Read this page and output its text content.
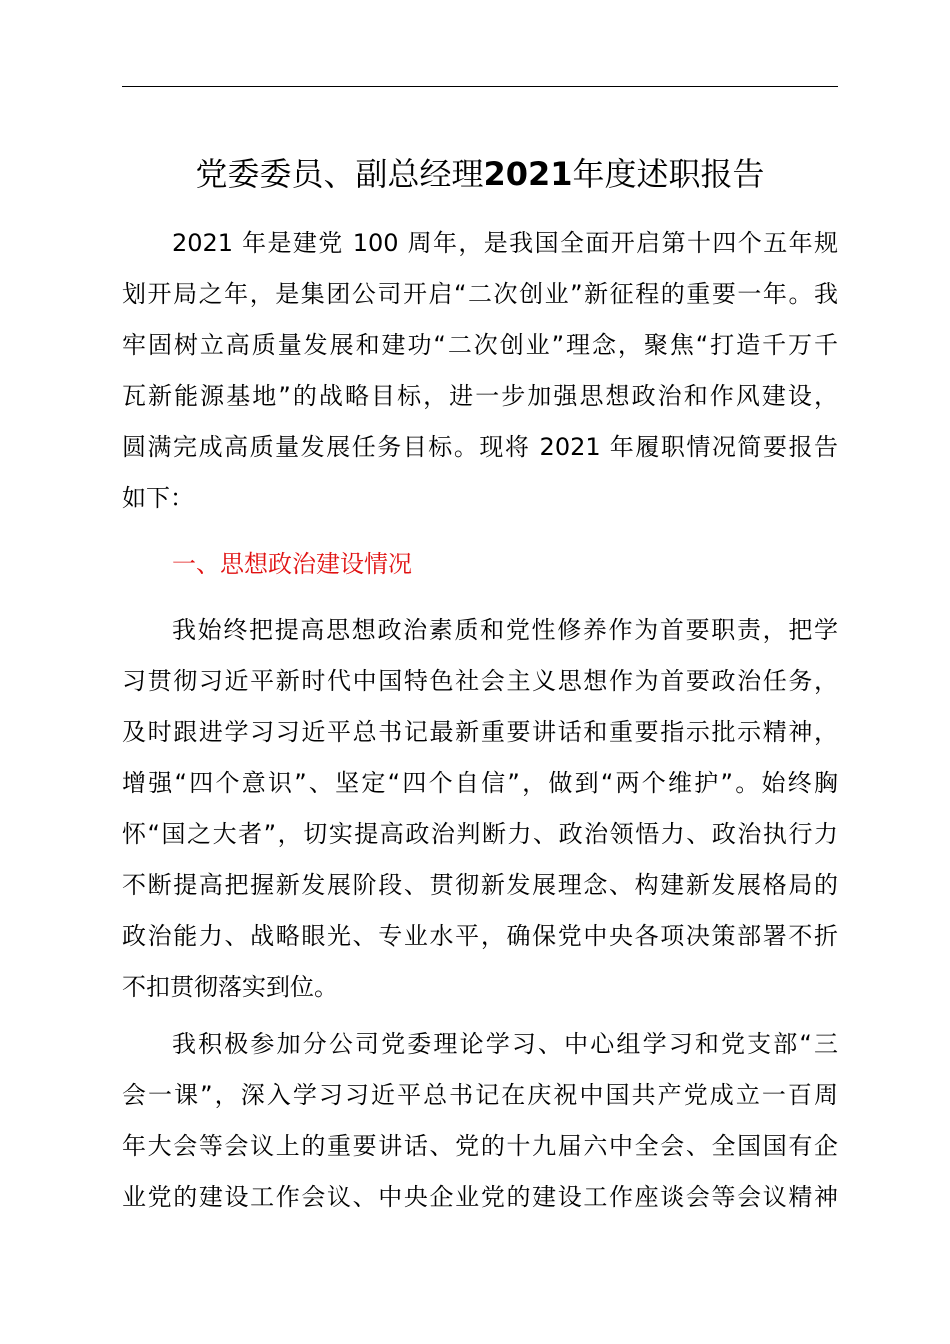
党委委员、副总经理2021年度述职报告
2021 年是建党 100 周年，是我国全面开启第十四个五年规
划开局之年，是集团公司开启“二次创业”新征程的重要一年。我
牢固树立高质量发展和建功“二次创业”理念，聚焦“打造千万千
瓦新能源基地”的战略目标，进一步加强思想政治和作风建设，
圆满完成高质量发展任务目标。现将 2021 年履职情况简要报告
如下：
一、思想政治建设情况
我始终把提高思想政治素质和党性修养作为首要职责，把学
习贯彻习近平新时代中国特色社会主义思想作为首要政治任务，
及时跟进学习习近平总书记最新重要讲话和重要指示批示精神，
增强“四个意识”、坚定“四个自信”，做到“两个维护”。始终胸
怀“国之大者”，切实提高政治判断力、政治领悟力、政治执行力
不断提高把握新发展阶段、贯彻新发展理念、构建新发展格局的
政治能力、战略眼光、专业水平，确保党中央各项决策部署不折
不扣贯彻落实到位。
我积极参加分公司党委理论学习、中心组学习和党支部“三
会一课”，深入学习习近平总书记在庆祝中国共产党成立一百周
年大会等会议上的重要讲话、党的十九届六中全会、全国国有企
业党的建设工作会议、中央企业党的建设工作座谈会等会议精神
